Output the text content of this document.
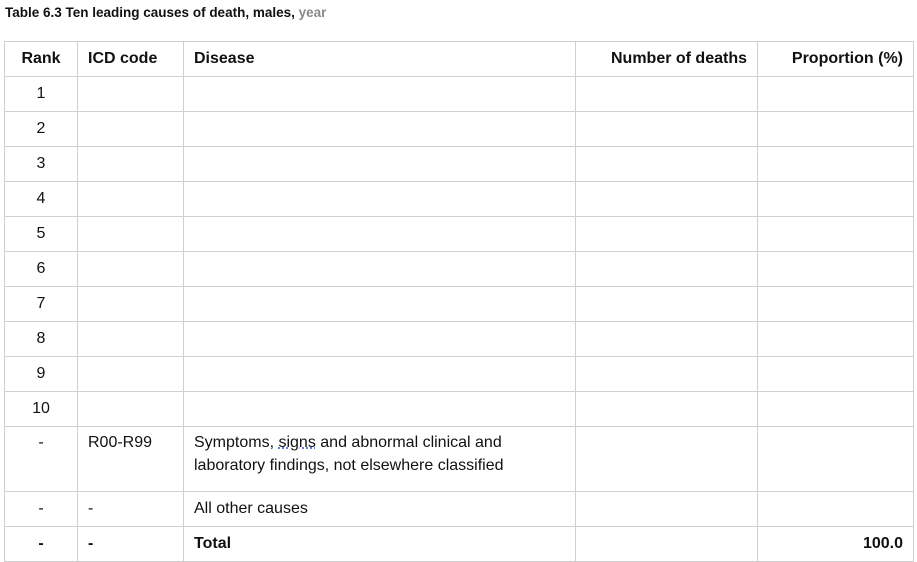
Table 6.3 Ten leading causes of death, males, year
Rank	ICD code	Disease	Number of deaths	Proportion (%)
1				
2				
3				
4				
5				
6				
7				
8				
9				
10				
-	R00-R99	Symptoms, signs and abnormal clinical and laboratory findings, not elsewhere classified		
-	-	All other causes		
-	-	Total		100.0
